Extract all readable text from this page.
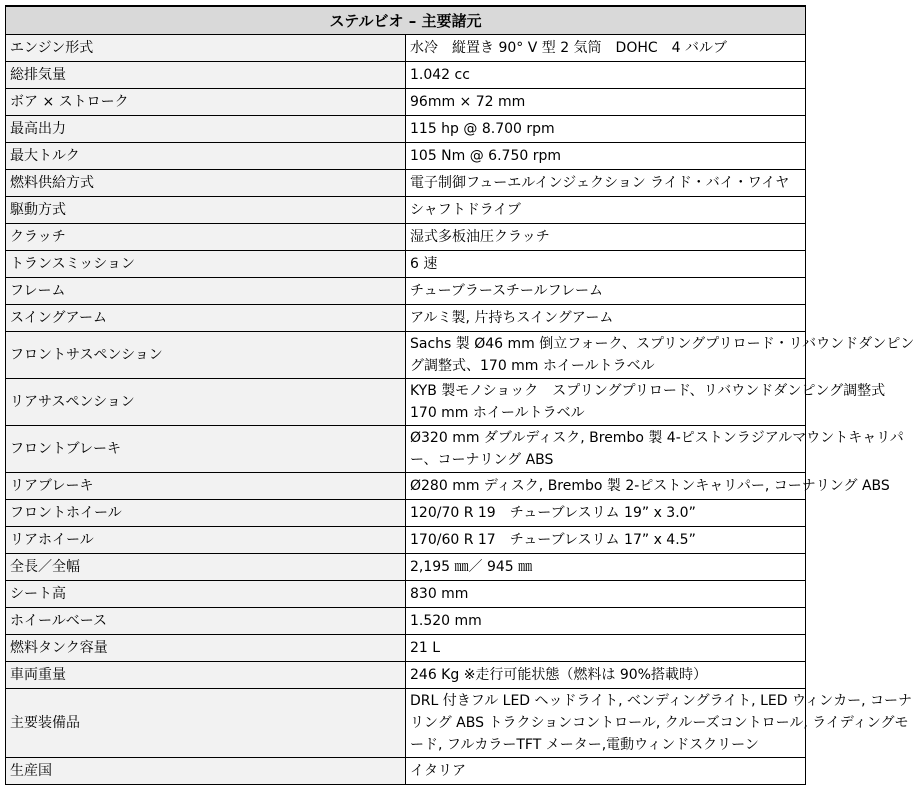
ステルビオ – 主要諸元	
エンジン形式	水冷　縦置き 90° V 型 2 気筒　DOHC　4 バルブ

総排気量	1.042 cc

ボア × ストローク	96mm × 72 mm

最高出力	115 hp @ 8.700 rpm

最大トルク	105 Nm @ 6.750 rpm

燃料供給方式	電子制御フューエルインジェクション ライド・バイ・ワイヤ

駆動方式	シャフトドライブ

クラッチ	湿式多板油圧クラッチ

トランスミッション	6 速

フレーム	チューブラースチールフレーム

スイングアーム	アルミ製, 片持ちスイングアーム

フロントサスペンション	Sachs 製 Ø46 mm 倒立フォーク、スプリングプリロード・リバウンドダンピン
グ調整式、170 mm ホイールトラベル

リアサスペンション	KYB 製モノショック　スプリングプリロード、リバウンドダンピング調整式
170 mm ホイールトラベル

フロントブレーキ	Ø320 mm ダブルディスク, Brembo 製 4-ピストンラジアルマウントキャリパ
ー、コーナリング ABS

リアブレーキ	Ø280 mm ディスク, Brembo 製 2-ピストンキャリパー, コーナリング ABS

フロントホイール	120/70 R 19　チューブレスリム 19” x 3.0”

リアホイール	170/60 R 17　チューブレスリム 17” x 4.5”

全長／全幅	2,195 ㎜／ 945 ㎜

シート高	830 mm

ホイールベース	1.520 mm

燃料タンク容量	21 L

車両重量	246 Kg ※走行可能状態（燃料は 90%搭載時）

主要装備品	DRL 付きフル LED ヘッドライト, ベンディングライト, LED ウィンカー, コーナ
リング ABS トラクションコントロール, クルーズコントロール, ライディングモ
ード, フルカラーTFT メーター,電動ウィンドスクリーン

生産国	イタリア
